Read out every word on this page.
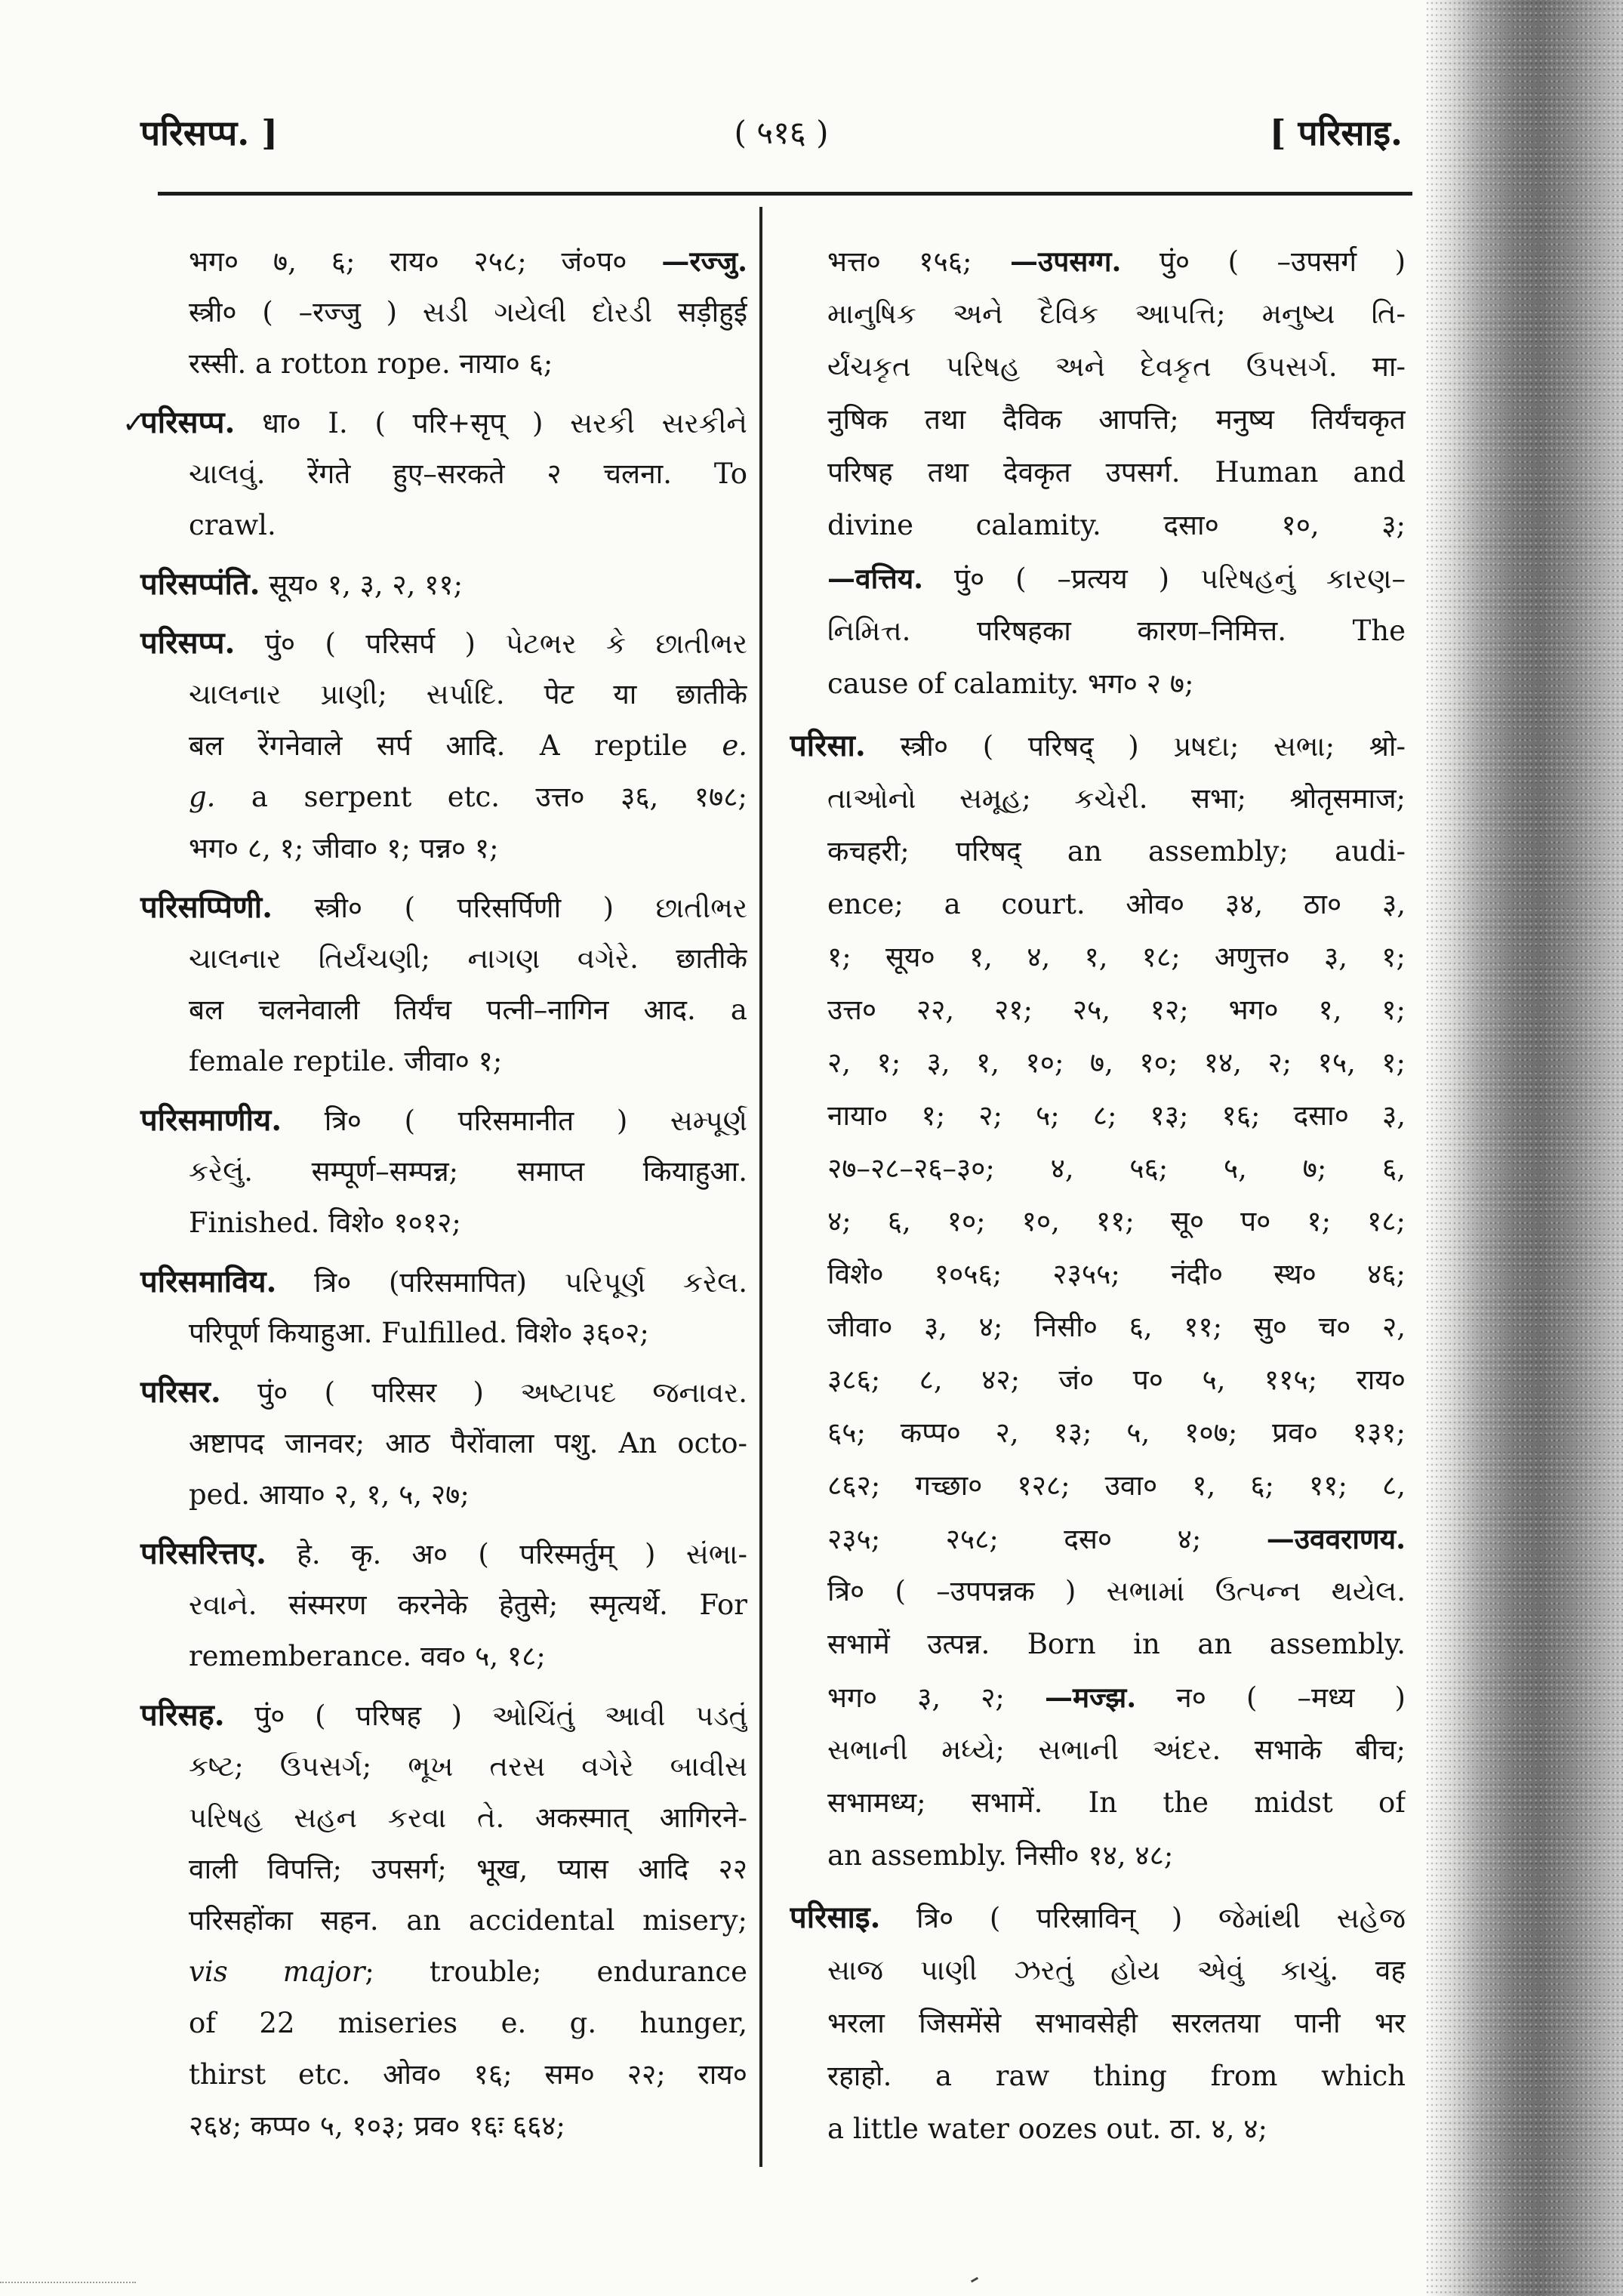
परिसप्प. ]	( ५१६ )	[ परिसाइ.
भग० ७, ६; राय० २५८; जं०प० —रज्जु.
स्त्री० ( –रज्जु ) સડી ગયેલી દોરડી सड़ीहुई
रस्सी. a rotton rope. नाया० ६;
✓परिसप्प. धा० I. ( परि+सृप् ) સરકી સરકીને
ચાલવું. रेंगते हुए–सरकते २ चलना. To
crawl.
परिसप्पंति. सूय० १, ३, २, ११;
परिसप्प. पुं० ( परिसर्प ) પેટભર કે છાતીભર
ચાલનાર પ્રાણી; સર્પાદિ. पेट या छातीके
बल रेंगनेवाले सर्प आदि. A reptile e.
g. a serpent etc. उत्त० ३६, १७८;
भग० ८, १; जीवा० १; पन्न० १;
परिसप्पिणी. स्त्री० ( परिसर्पिणी ) છાતીભર
ચાલનાર તિર્યંચણી; નાગણ વગેરે. छातीके
बल चलनेवाली तिर्यंच पत्नी–नागिन आद. a
female reptile. जीवा० १;
परिसमाणीय. त्रि० ( परिसमानीत ) સમ્પૂર્ણ
કરેલું. सम्पूर्ण–सम्पन्न; समाप्त कियाहुआ.
Finished. विशे० १०१२;
परिसमाविय. त्रि० (परिसमापित) પરિપૂર્ણ કરેલ.
परिपूर्ण कियाहुआ. Fulfilled. विशे० ३६०२;
परिसर. पुं० ( परिसर ) અષ્ટાપદ જનાવર.
अष्टापद जानवर; आठ पैरोंवाला पशु. An octo-
ped. आया० २, १, ५, २७;
परिसरित्तए. हे. कृ. अ० ( परिस्मर्तुम् ) સંભા-
રવાને. संस्मरण करनेके हेतुसे; स्मृत्यर्थे. For
rememberance. वव० ५, १८;
परिसह. पुं० ( परिषह ) ઓચિંતું આવી પડતું
કષ્ટ; ઉપસર્ગ; ભૂખ તરસ વગેરે બાવીસ
પરિષહ સહન કરવા તે. अकस्मात् आगिरने-
वाली विपत्ति; उपसर्ग; भूख, प्यास आदि २२
परिसहोंका सहन. an accidental misery;
vis major; trouble; endurance
of 22 miseries e. g. hunger,
thirst etc. ओव० १६; सम० २२; राय०
२६४; कप्प० ५, १०३; प्रव० १६ः ६६४;
भत्त० १५६; —उपसग्ग. पुं० ( –उपसर्ग )
માનુષિક અને દૈવિક આપત્તિ; મનુષ્ય તિ-
ર્યંચકૃત પરિષહ અને દેવકૃત ઉપસર્ગ. मा-
नुषिक तथा दैविक आपत्ति; मनुष्य तिर्यंचकृत
परिषह तथा देवकृत उपसर्ग. Human and
divine calamity. दसा० १०, ३;
—वत्तिय. पुं० ( –प्रत्यय ) પરિષહનું કારણ–
નિમિત્ત. परिषहका कारण–निमित्त. The
cause of calamity. भग० २ ७;
परिसा. स्त्री० ( परिषद् ) પ્રષદા; સભા; श्रो-
તાઓનો સમૂહ; કચેરી. सभा; श्रोतृसमाज;
कचहरी; परिषद् an assembly; audi-
ence; a court. ओव० ३४, ठा० ३,
१; सूय० १, ४, १, १८; अणुत्त० ३, १;
उत्त० २२, २१; २५, १२; भग० १, १;
२, १; ३, १, १०; ७, १०; १४, २; १५, १;
नाया० १; २; ५; ८; १३; १६; दसा० ३,
२७–२८–२६–३०; ४, ५६; ५, ७; ६,
४; ६, १०; १०, ११; सू० प० १; १८;
विशे० १०५६; २३५५; नंदी० स्थ० ४६;
जीवा० ३, ४; निसी० ६, ११; सु० च० २,
३८६; ८, ४२; जं० प० ५, ११५; राय०
६५; कप्प० २, १३; ५, १०७; प्रव० १३१;
८६२; गच्छा० १२८; उवा० १, ६; ११; ८,
२३५; २५८; दस० ४; —उववराणय.
त्रि० ( –उपपन्नक ) સભામાં ઉત્પન્ન થયેલ.
सभामें उत्पन्न. Born in an assembly.
भग० ३, २; —मज्झ. न० ( –मध्य )
સભાની મધ્યે; સભાની અંદર. सभाके बीच;
सभामध्य; सभामें. In the midst of
an assembly. निसी० १४, ४८;
परिसाइ. त्रि० ( परिस्राविन् ) જેમાંથી સહેજ
સાજ પાણી ઝરતું હોય એવું કાચું. वह
भरला जिसमेंसे सभावसेही सरलतया पानी भर
रहाहो. a raw thing from which
a little water oozes out. ठा. ४, ४;
